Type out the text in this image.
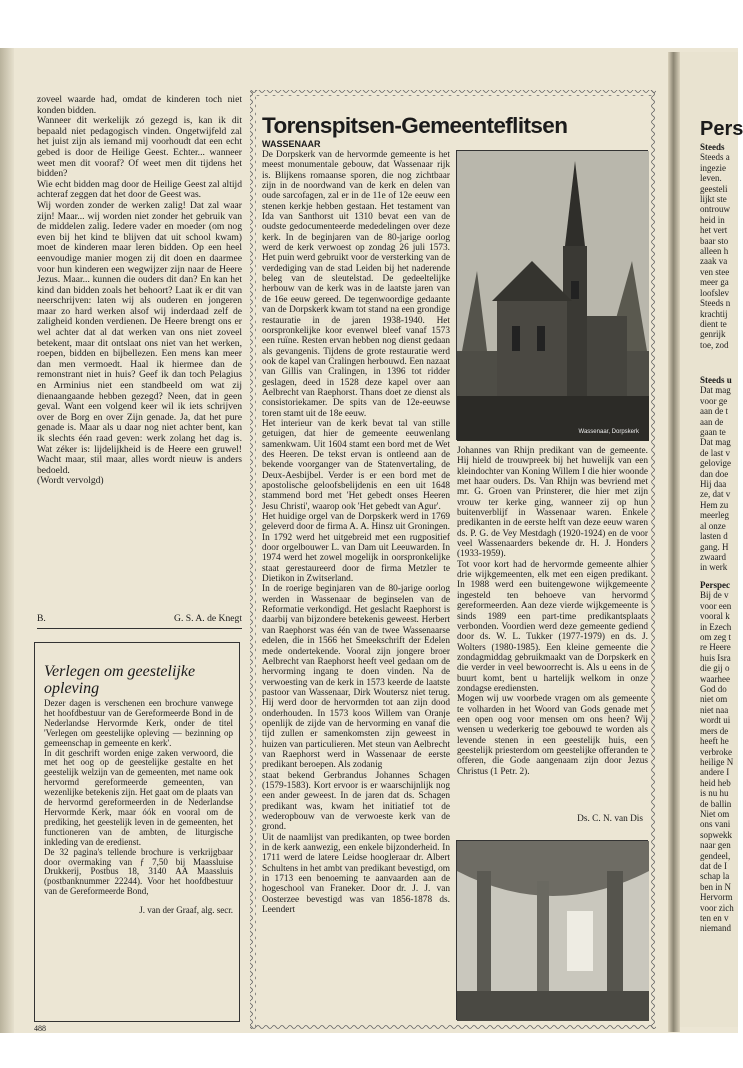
zoveel waarde had, omdat de kinderen toch niet konden bidden.

Wanneer dit werkelijk zó gezegd is, kan ik dit bepaald niet pedagogisch vinden. Ongetwijfeld zal het juist zijn als iemand mij voorhoudt dat een echt gebed is door de Heilige Geest. Echter... wanneer weet men dit vooraf? Of weet men dit tijdens het bidden?

Wie echt bidden mag door de Heilige Geest zal altijd achteraf zeggen dat het door de Geest was.

Wij worden zonder de werken zalig! Dat zal waar zijn! Maar... wij worden niet zonder het gebruik van de middelen zalig. Iedere vader en moeder (om nog even bij het kind te blijven dat uit school kwam) moet de kinderen maar leren bidden. Op een heel eenvoudige manier mogen zij dit doen en daarmee voor hun kinderen een wegwijzer zijn naar de Heere Jezus. Maar... kunnen die ouders dit dan? En kan het kind dan bidden zoals het behoort? Laat ik er dit van neerschrijven: laten wij als ouderen en jongeren maar zo hard werken alsof wij inderdaad zelf de zaligheid konden verdienen. De Heere brengt ons er wel achter dat al dat werken van ons niet zoveel betekent, maar dit ontslaat ons niet van het werken, roepen, bidden en bijbellezen. Een mens kan meer dan men vermoedt. Haal ik hiermee dan de remonstrant niet in huis? Geef ik dan toch Pelagius en Arminius niet een standbeeld om wat zij dienaangaande hebben gezegd? Neen, dat in geen geval. Want een volgend keer wil ik iets schrijven over de Borg en over Zijn genade. Ja, dat het pure genade is. Maar als u daar nog niet achter bent, kan ik slechts één raad geven: werk zolang het dag is. Wat zéker is: lijdelijkheid is de Heere een gruwel! Wacht maar, stil maar, alles wordt nieuw is anders bedoeld.

(Wordt vervolgd)

B.	G. S. A. de Knegt
Verlegen om geestelijke opleving

Dezer dagen is verschenen een brochure vanwege het hoofdbestuur van de Gereformeerde Bond in de Nederlandse Hervormde Kerk, onder de titel 'Verlegen om geestelijke opleving — bezinning op gemeenschap in gemeente en kerk'.

In dit geschrift worden enige zaken verwoord, die met het oog op de geestelijke gestalte en het geestelijk welzijn van de gemeenten, met name ook hervormd gereformeerde gemeenten, van wezenlijke betekenis zijn. Het gaat om de plaats van de hervormd gereformeerden in de Nederlandse Hervormde Kerk, maar óók en vooral om de prediking, het geestelijk leven in de gemeenten, het functioneren van de ambten, de liturgische inkleding van de eredienst.

De 32 pagina's tellende brochure is verkrijgbaar door overmaking van ƒ 7,50 bij Maassluise Drukkerij, Postbus 18, 3140 AA Maassluis (postbanknummer 22244). Voor het hoofdbestuur van de Gereformeerde Bond,

J. van der Graaf, alg. secr.
Torenspitsen-Gemeenteflitsen
WASSENAAR

De Dorpskerk van de hervormde gemeente is het meest monumentale gebouw, dat Wassenaar rijk is. Blijkens romaanse sporen, die nog zichtbaar zijn in de noordwand van de kerk en delen van oude sarcofagen, zal er in de 11e of 12e eeuw een stenen kerkje hebben gestaan. Het testament van Ida van Santhorst uit 1310 bevat een van de oudste gedocumenteerde mededelingen over deze kerk. In de beginjaren van de 80-jarige oorlog werd de kerk verwoest op zondag 26 juli 1573. Het puin werd gebruikt voor de versterking van de verdediging van de stad Leiden bij het naderende beleg van de sleutelstad. De gedeeltelijke herbouw van de kerk was in de laatste jaren van de 16e eeuw gereed. De tegenwoordige gedaante van de Dorpskerk kwam tot stand na een grondige restauratie in de jaren 1938-1940. Het oorspronkelijke koor evenwel bleef vanaf 1573 een ruïne. Resten ervan hebben nog dienst gedaan als gevangenis. Tijdens de grote restauratie werd ook de kapel van Cralingen herbouwd. Een nazaat van Gillis van Cralingen, in 1396 tot ridder geslagen, deed in 1528 deze kapel over aan Aelbrecht van Raephorst. Thans doet ze dienst als consistoriekamer. De spits van de 12e-eeuwse toren stamt uit de 18e eeuw.

Het interieur van de kerk bevat tal van stille getuigen, dat hier de gemeente eeuwenlang samenkwam. Uit 1604 stamt een bord met de Wet des Heeren. De tekst ervan is ontleend aan de bekende voorganger van de Statenvertaling, de Deux-Aesbijbel. Verder is er een bord met de apostolische geloofsbelijdenis en een uit 1648 stammend bord met 'Het gebedt onses Heeren Jesu Christi', waarop ook 'Het gebedt van Agur'.

Het huidige orgel van de Dorpskerk werd in 1769 geleverd door de firma A. A. Hinsz uit Groningen. In 1792 werd het uitgebreid met een rugpositief door orgelbouwer L. van Dam uit Leeuwarden. In 1974 werd het zowel mogelijk in oorspronkelijke staat gerestaureerd door de firma Metzler te Dietikon in Zwitserland.

In de roerige beginjaren van de 80-jarige oorlog werden in Wassenaar de beginselen van de Reformatie verkondigd. Het geslacht Raephorst is daarbij van bijzondere betekenis geweest. Herbert van Raephorst was één van de twee Wassenaarse edelen, die in 1566 het Smeekschrift der Edelen mede ondertekende. Vooral zijn jongere broer Aelbrecht van Raephorst heeft veel gedaan om de hervorming ingang te doen vinden. Na de verwoesting van de kerk in 1573 keerde de laatste pastoor van Wassenaar, Dirk Woutersz niet terug. Hij werd door de hervormden tot aan zijn dood onderhouden. In 1573 koos Willem van Oranje openlijk de zijde van de hervorming en vanaf die tijd zullen er samenkomsten zijn geweest in huizen van particulieren. Met steun van Aelbrecht van Raephorst werd in Wassenaar de eerste predikant beroepen. Als zodanig

staat bekend Gerbrandus Johannes Schagen (1579-1583). Kort ervoor is er waarschijnlijk nog een ander geweest. In de jaren dat ds. Schagen predikant was, kwam het initiatief tot de wederopbouw van de verwoeste kerk van de grond.

Uit de naamlijst van predikanten, op twee borden in de kerk aanwezig, een enkele bijzonderheid. In 1711 werd de latere Leidse hoogleraar dr. Albert Schultens in het ambt van predikant bevestigd, om in 1713 een benoeming te aanvaarden aan de hogeschool van Franeker. Door dr. J. J. van Oosterzee bevestigd was van 1856-1878 ds. Leendert

Wassenaar, Dorpskerk

Johannes van Rhijn predikant van de gemeente. Hij hield de trouwpreek bij het huwelijk van een kleindochter van Koning Willem I die hier woonde met haar ouders. Ds. Van Rhijn was bevriend met mr. G. Groen van Prinsterer, die hier met zijn vrouw ter kerke ging, wanneer zij op hun buitenverblijf in Wassenaar waren. Enkele predikanten in de eerste helft van deze eeuw waren ds. P. G. de Vey Mestdagh (1920-1924) en de voor veel Wassenaarders bekende dr. H. J. Honders (1933-1959).

Tot voor kort had de hervormde gemeente alhier drie wijkgemeenten, elk met een eigen predikant. In 1988 werd een buitengewone wijkgemeente ingesteld ten behoeve van hervormd gereformeerden. Aan deze vierde wijkgemeente is sinds 1989 een part-time predikantsplaats verbonden. Voordien werd deze gemeente gediend door ds. W. L. Tukker (1977-1979) en ds. J. Wolters (1980-1985). Een kleine gemeente die zondagmiddag gebruikmaakt van de Dorpskerk en die verder in veel bewoorrecht is. Als u eens in de buurt komt, bent u hartelijk welkom in onze zondagse erediensten.

Mogen wij uw voorbede vragen om als gemeente te volharden in het Woord van Gods genade met een open oog voor mensen om ons heen? Wij wensen u wederkerig toe gebouwd te worden als levende stenen in een geestelijk huis, een geestelijk priesterdom om geestelijke offeranden te offeren, die Gode aangenaam zijn door Jezus Christus (1 Petr. 2).

Ds. C. N. van Dis
Pers
Steeds
Steeds a
ingezie
leven.
geesteli
lijkt ste
ontrouw
heid in
het vert
baar sto
alleen h
zaak va
ven stee
meer ga
loofslev
Steeds n
krachtij
dient te
genrijk
toe, zod
Steeds u
Dat mag
voor ge
aan de t
aan de
gaan te
Dat mag
de last v
gelovige
dan doe
Hij daa
ze, dat v
Hem zu
meerleg
al onze
lasten d
gang. H
zwaard
in werk
Perspec
Bij de v
voor een
vooral k
in Ezech
om zeg t
re Heere
huis Isra
die gij o
waarhee
God do
niet om
niet naa
wordt ui
mers de
heeft he
verbroke
heilige N
andere I
heid heb
is nu hu
de ballin
Niet om
ons vani
sopwekk
naar gen
gendeel,
dat de I
schap la
ben in N
Hervorm
voor zich
ten en v
niemand
488
